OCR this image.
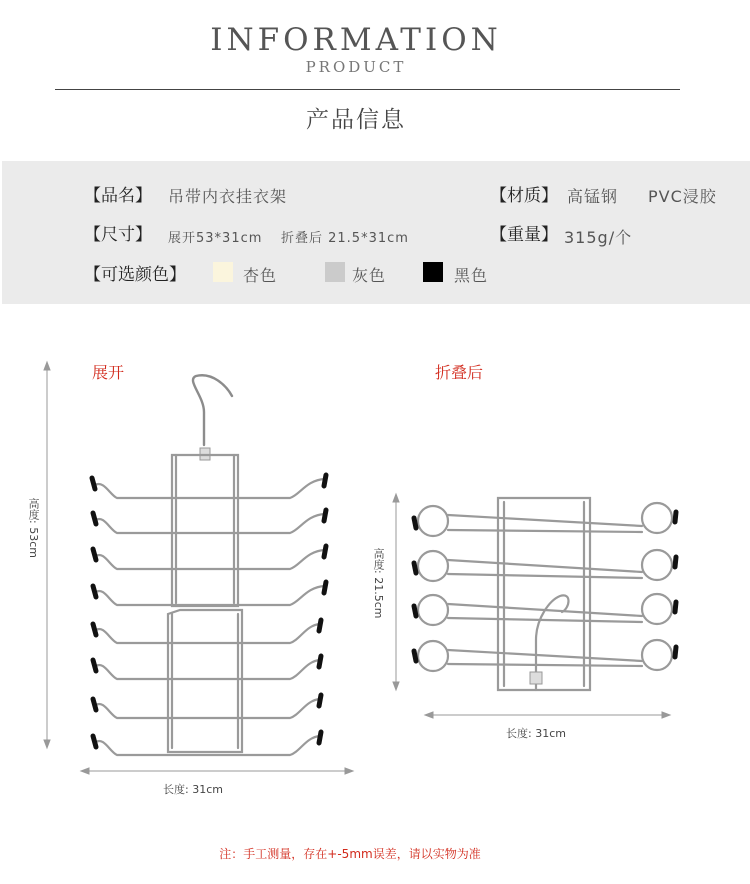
INFORMATION
PRODUCT
产品信息
【品名】 吊带内衣挂衣架	【材质】 高锰钢 PVC浸胶
【尺寸】 展开53*31cm 折叠后 21.5*31cm	【重量】 315g/个
【可选颜色】	杏色	灰色	黑色
展开	折叠后
高度: 53cm
长度: 31cm
高度: 21.5cm
长度: 31cm
注：手工测量，存在+-5mm误差，请以实物为准
